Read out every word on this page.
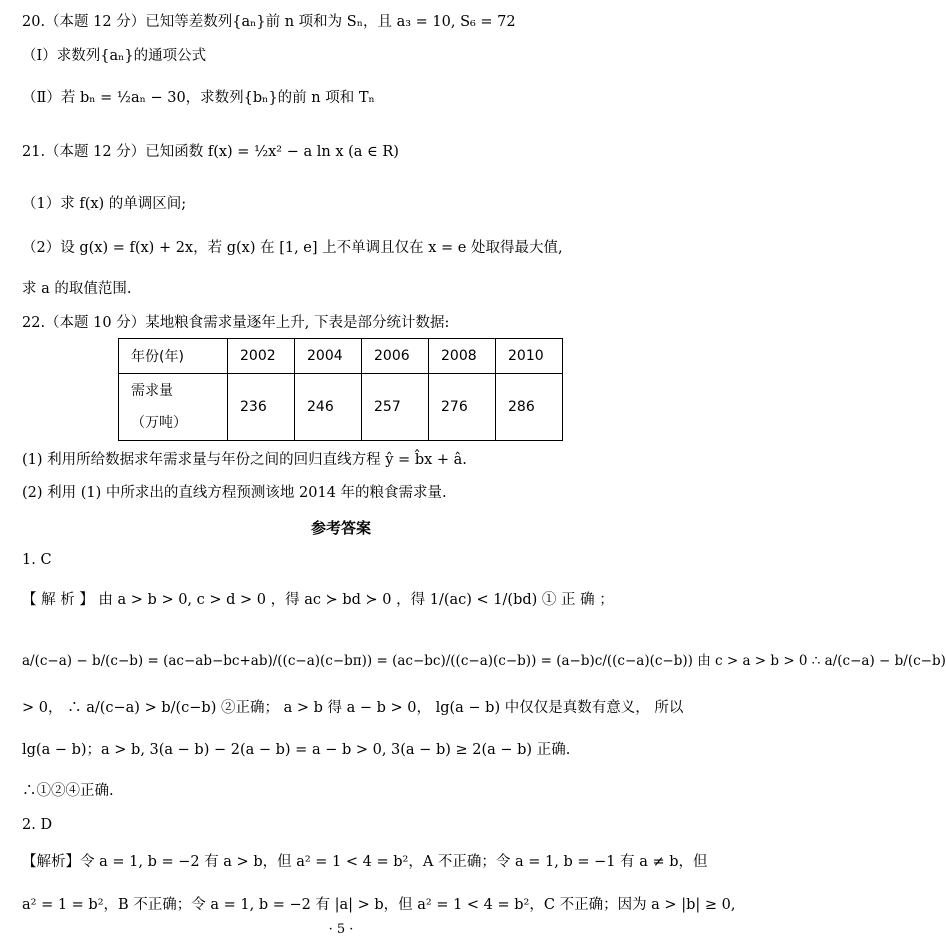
20.（本题 12 分）已知等差数列{aₙ}前 n 项和为 Sₙ，且 a₃ = 10, S₆ = 72
（Ⅰ）求数列{aₙ}的通项公式
（Ⅱ）若 bₙ = ½aₙ − 30，求数列{bₙ}的前 n 项和 Tₙ
21.（本题 12 分）已知函数 f(x) = ½x² − a ln x (a ∈ R)
（1）求 f(x) 的单调区间;
（2）设 g(x) = f(x) + 2x，若 g(x) 在 [1, e] 上不单调且仅在 x = e 处取得最大值,
求 a 的取值范围.
22.（本题 10 分）某地粮食需求量逐年上升, 下表是部分统计数据:
年份(年)	2002	2004	2006	2008	2010

需求量
（万吨）	236	246	257	276	286
(1) 利用所给数据求年需求量与年份之间的回归直线方程 ŷ = b̂x + â.
(2) 利用 (1) 中所求出的直线方程预测该地 2014 年的粮食需求量.
参考答案
1. C
【 解 析 】 由 a > b > 0, c > d > 0 ，得 ac ≻ bd ≻ 0 ，得 1/(ac) < 1/(bd) ① 正 确 ；
a/(c−a) − b/(c−b) = (ac−ab−bc+ab)/((c−a)(c−bπ)) = (ac−bc)/((c−a)(c−b)) = (a−b)c/((c−a)(c−b)) 由 c > a > b > 0 ∴ a/(c−a) − b/(c−b)
> 0， ∴ a/(c−a) > b/(c−b) ②正确； a > b 得 a − b > 0， lg(a − b) 中仅仅是真数有意义， 所以
lg(a − b)；a > b, 3(a − b) − 2(a − b) = a − b > 0, 3(a − b) ≥ 2(a − b) 正确.
∴①②④正确.
2. D
【解析】令 a = 1, b = −2 有 a > b，但 a² = 1 < 4 = b²，A 不正确；令 a = 1, b = −1 有 a ≠ b，但
a² = 1 = b²，B 不正确；令 a = 1, b = −2 有 |a| > b，但 a² = 1 < 4 = b²，C 不正确；因为 a > |b| ≥ 0,
· 5 ·
